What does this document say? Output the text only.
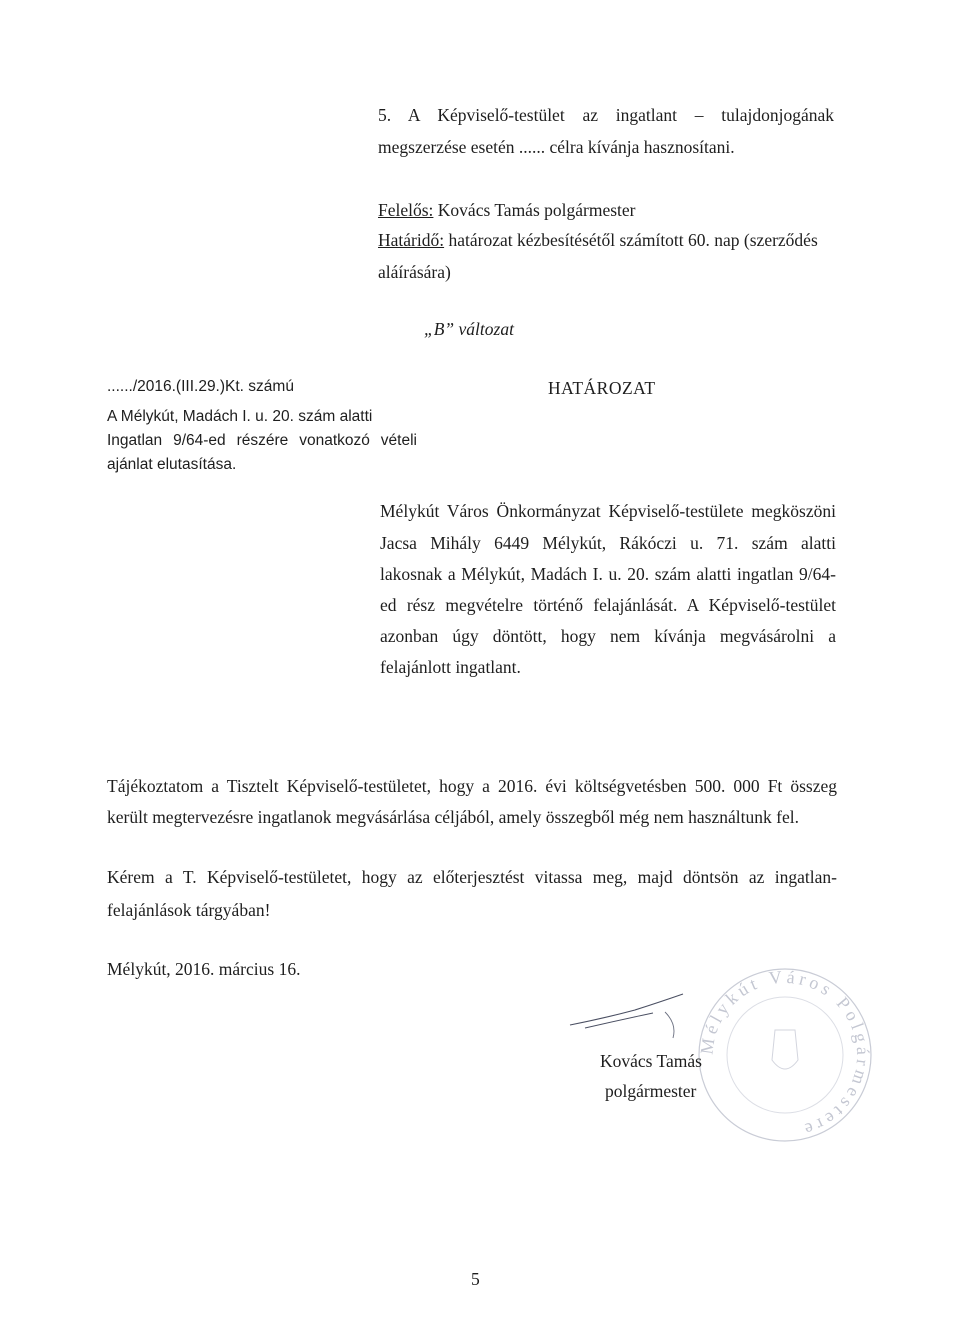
5. A Képviselő-testület az ingatlant – tulajdonjogának
megszerzése esetén ...... célra kívánja hasznosítani.
Felelős: Kovács Tamás polgármester
Határidő: határozat kézbesítésétől számított 60. nap (szerződés
aláírására)
„B” változat
....../2016.(III.29.)Kt. számú
A Mélykút, Madách I. u. 20. szám alatti
Ingatlan 9/64-ed részére vonatkozó vételi
ajánlat elutasítása.
HATÁROZAT
Mélykút Város Önkormányzat Képviselő-testülete megköszöni
Jacsa Mihály 6449 Mélykút, Rákóczi u. 71. szám alatti
lakosnak a Mélykút, Madách I. u. 20. szám alatti ingatlan 9/64-
ed rész megvételre történő felajánlását. A Képviselő-testület
azonban úgy döntött, hogy nem kívánja megvásárolni a
felajánlott ingatlant.
Tájékoztatom a Tisztelt Képviselő-testületet, hogy a 2016. évi költségvetésben 500. 000 Ft összeg
került megtervezésre ingatlanok megvásárlása céljából, amely összegből még nem használtunk fel.
Kérem a T. Képviselő-testületet, hogy az előterjesztést vitassa meg, majd döntsön az ingatlan-
felajánlások tárgyában!
Mélykút, 2016. március 16.
Mélykút Város Polgármestere
Kovács Tamás
polgármester
5
